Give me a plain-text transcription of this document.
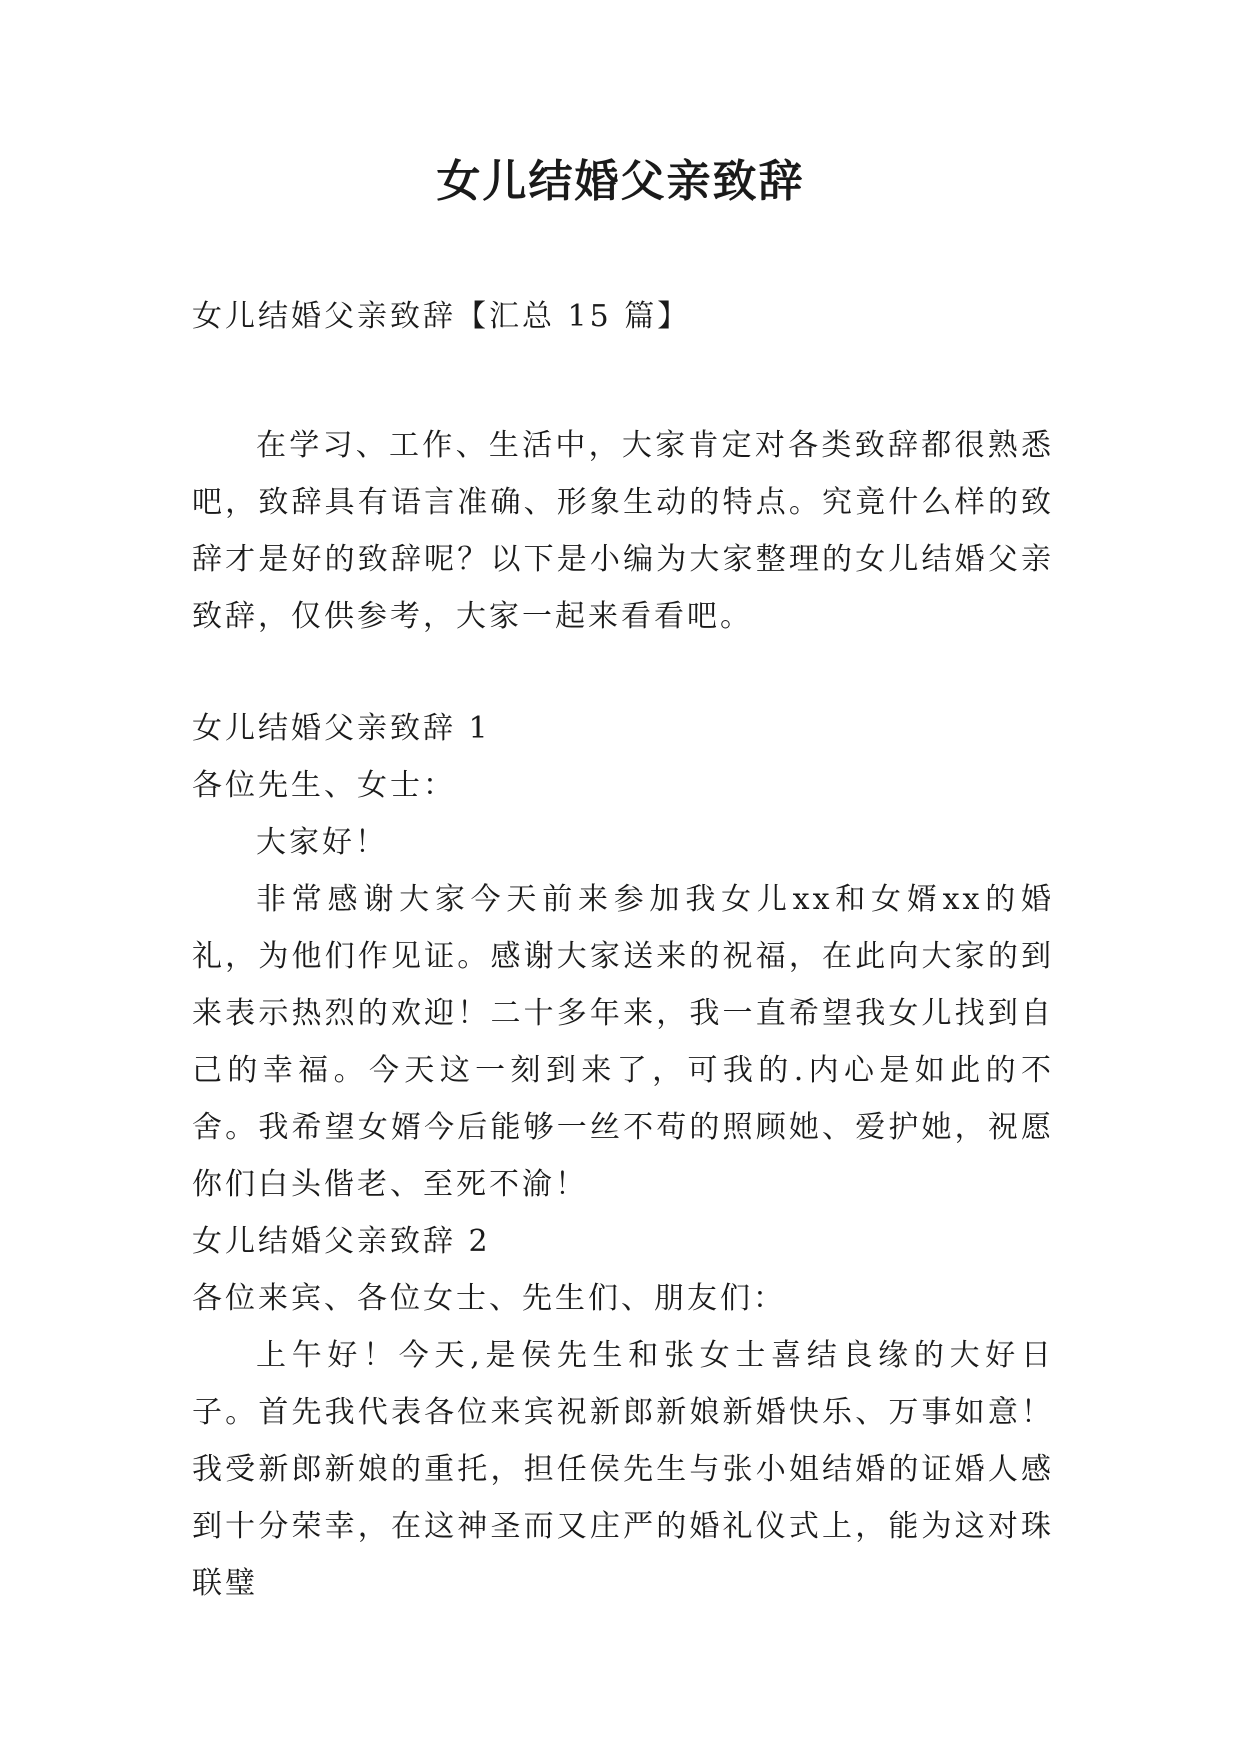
女儿结婚父亲致辞

女儿结婚父亲致辞【汇总 15 篇】

在学习、工作、生活中，大家肯定对各类致辞都很熟悉吧，致辞具有语言准确、形象生动的特点。究竟什么样的致辞才是好的致辞呢？以下是小编为大家整理的女儿结婚父亲致辞，仅供参考，大家一起来看看吧。

女儿结婚父亲致辞 1

各位先生、女士：

大家好！

非常感谢大家今天前来参加我女儿xx和女婿xx的婚礼，为他们作见证。感谢大家送来的祝福，在此向大家的到来表示热烈的欢迎！二十多年来，我一直希望我女儿找到自己的幸福。今天这一刻到来了，可我的.内心是如此的不舍。我希望女婿今后能够一丝不苟的照顾她、爱护她，祝愿你们白头偕老、至死不渝！

女儿结婚父亲致辞 2

各位来宾、各位女士、先生们、朋友们：

上午好！今天,是侯先生和张女士喜结良缘的大好日子。首先我代表各位来宾祝新郎新娘新婚快乐、万事如意！我受新郎新娘的重托，担任侯先生与张小姐结婚的证婚人感到十分荣幸，在这神圣而又庄严的婚礼仪式上，能为这对珠联璧
